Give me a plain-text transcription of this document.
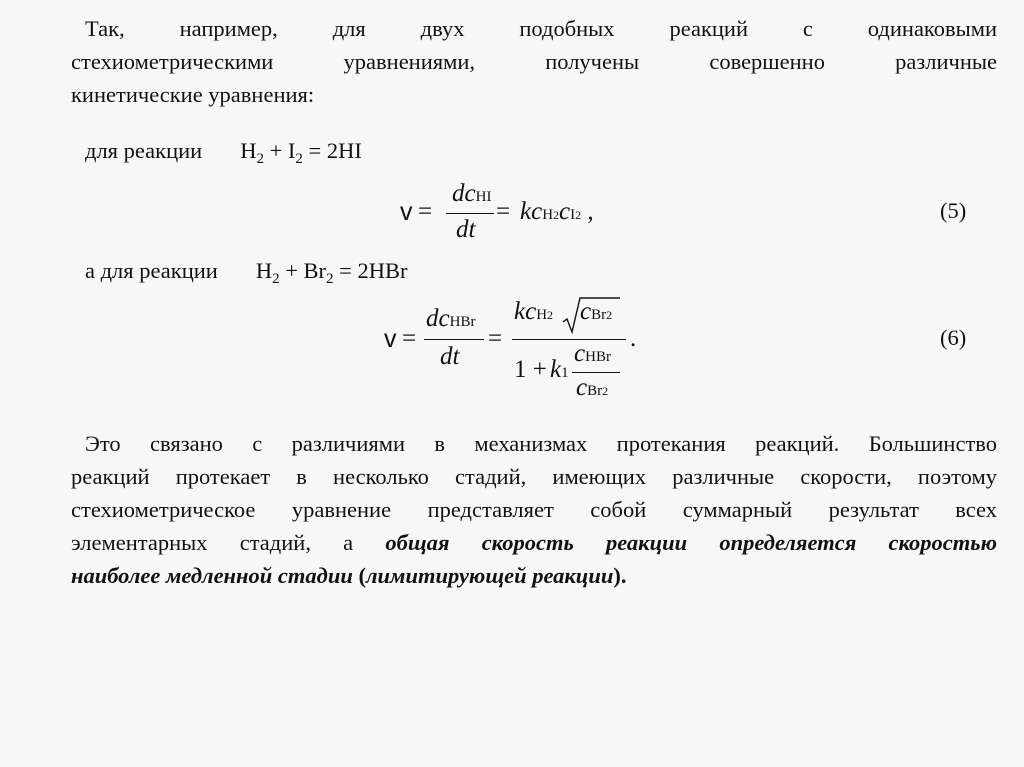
Так, например, для двух подобных реакций с одинаковыми
стехиометрическими уравнениями, получены совершенно различные
кинетические уравнения:
для реакции $H_2 + I_2 = 2HI$
v =
dcHI
dt
= kcH2cI2 ,	(5)
а для реакции $H_2 + Br_2 = 2HBr$
v =
dcHBr
dt
=
kcH2 cBr2
1 + k1
cHBr
cBr2
.	(6)
Это связано с различиями в механизмах протекания реакций. Большинство
реакций протекает в несколько стадий, имеющих различные скорости, поэтому
стехиометрическое уравнение представляет собой суммарный результат всех
элементарных стадий, а общая скорость реакции определяется скоростью
наиболее медленной стадии (лимитирующей реакции).
